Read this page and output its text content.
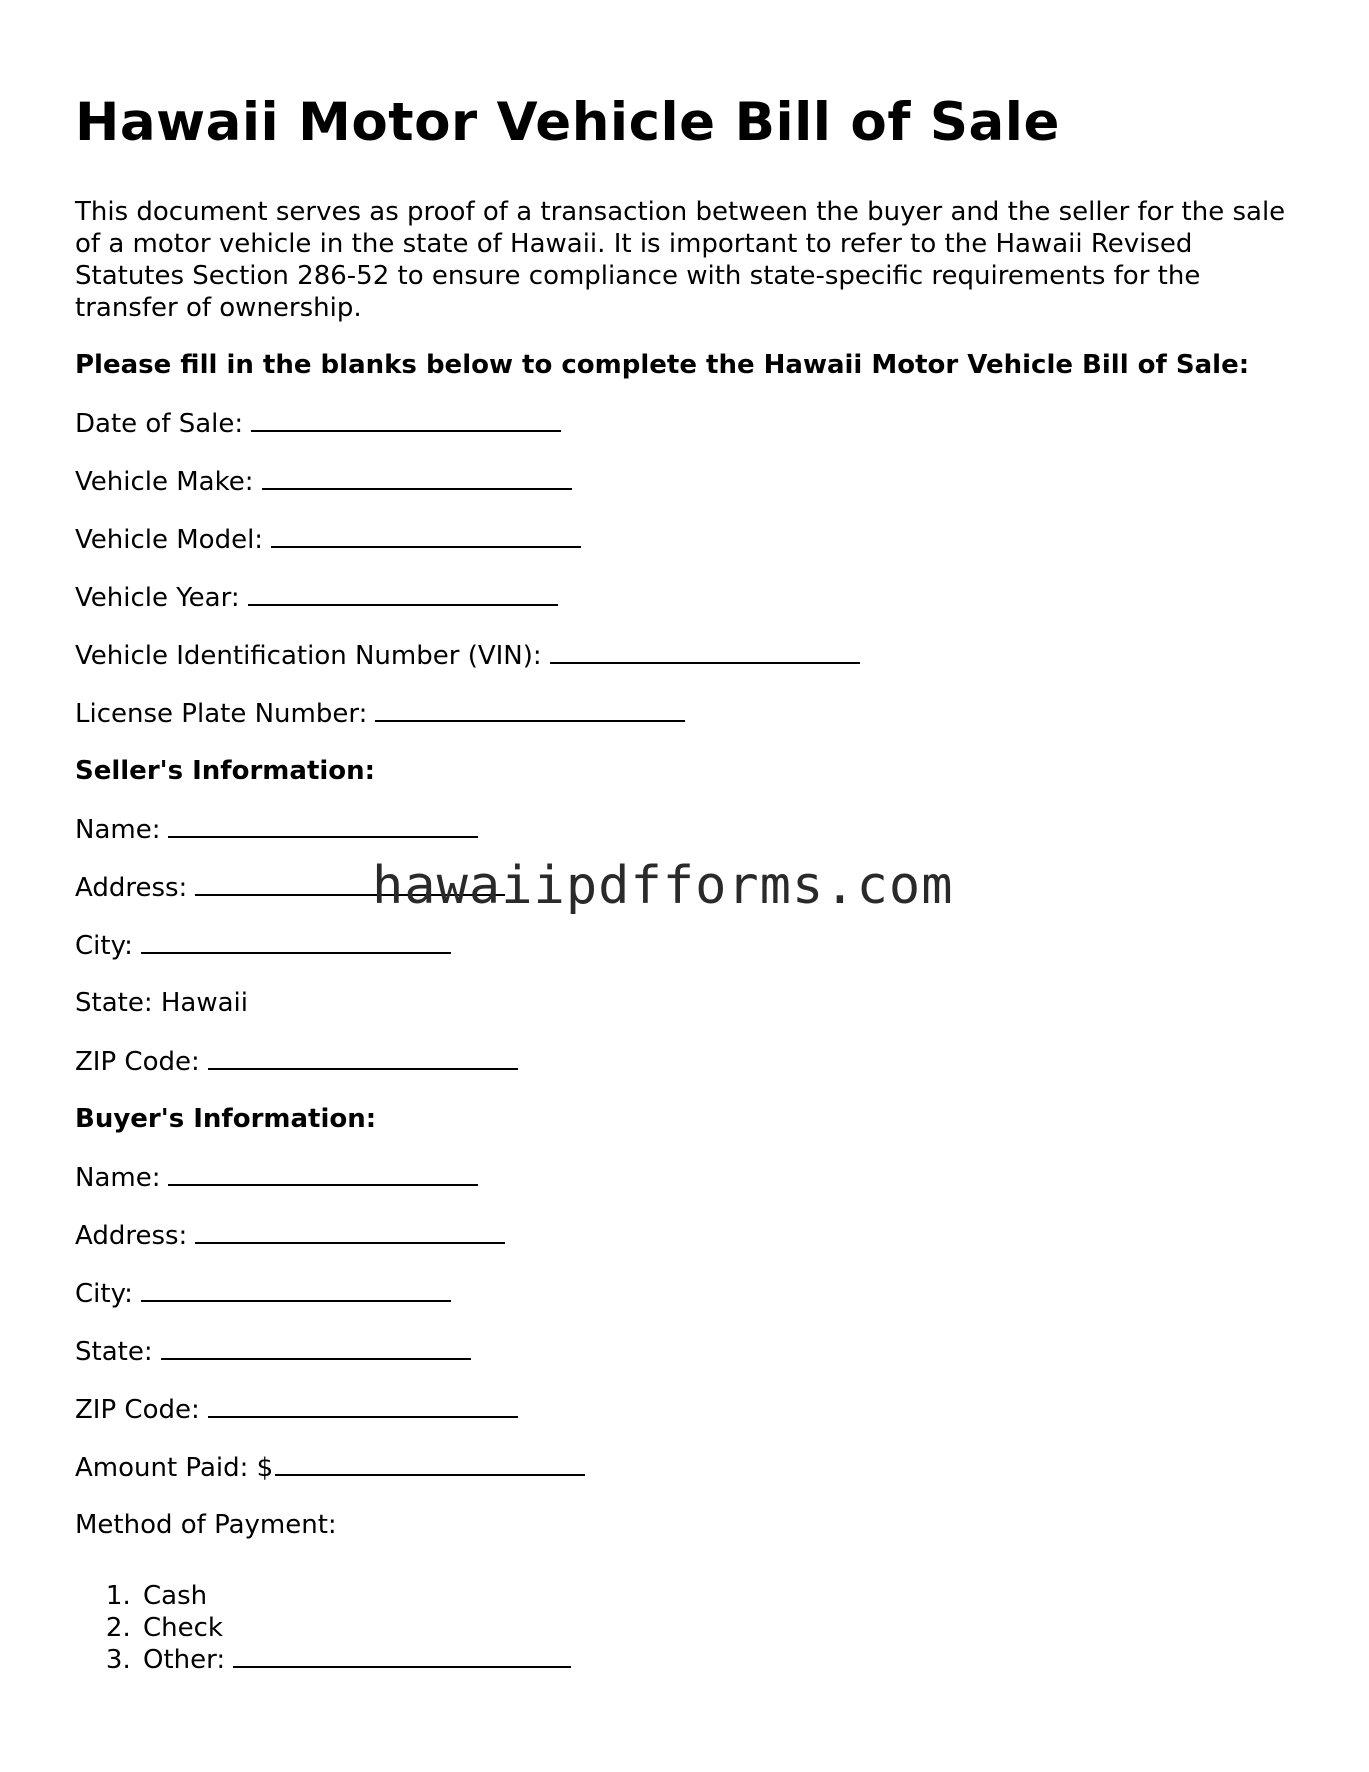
Hawaii Motor Vehicle Bill of Sale

This document serves as proof of a transaction between the buyer and the seller for the sale of a motor vehicle in the state of Hawaii. It is important to refer to the Hawaii Revised Statutes Section 286-52 to ensure compliance with state-specific requirements for the transfer of ownership.

Please fill in the blanks below to complete the Hawaii Motor Vehicle Bill of Sale:

Date of Sale:

Vehicle Make:

Vehicle Model:

Vehicle Year:

Vehicle Identification Number (VIN):

License Plate Number:

Seller's Information:

Name:

Address:

City:

State: Hawaii

ZIP Code:

Buyer's Information:

Name:

Address:

City:

State:

ZIP Code:

Amount Paid: $

Method of Payment:

1. Cash
2. Check
3. Other:
hawaiipdfforms.com
